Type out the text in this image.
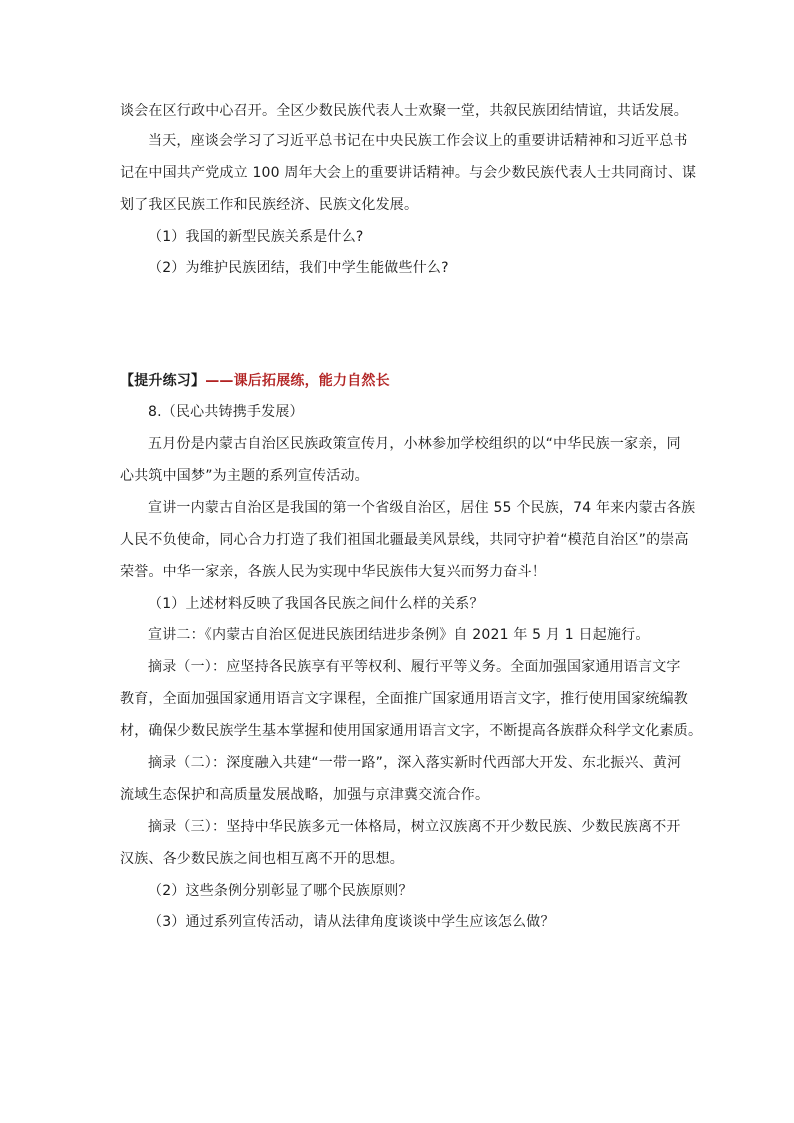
谈会在区行政中心召开。全区少数民族代表人士欢聚一堂，共叙民族团结情谊，共话发展。
当天，座谈会学习了习近平总书记在中央民族工作会议上的重要讲话精神和习近平总书
记在中国共产党成立 100 周年大会上的重要讲话精神。与会少数民族代表人士共同商讨、谋
划了我区民族工作和民族经济、民族文化发展。
（1）我国的新型民族关系是什么?
（2）为维护民族团结，我们中学生能做些什么?
【提升练习】——课后拓展练，能力自然长
8.（民心共铸携手发展）
五月份是内蒙古自治区民族政策宣传月，小林参加学校组织的以“中华民族一家亲，同
心共筑中国梦”为主题的系列宣传活动。
宣讲一内蒙古自治区是我国的第一个省级自治区，居住 55 个民族，74 年来内蒙古各族
人民不负使命，同心合力打造了我们祖国北疆最美风景线，共同守护着“模范自治区”的崇高
荣誉。中华一家亲，各族人民为实现中华民族伟大复兴而努力奋斗！
（1）上述材料反映了我国各民族之间什么样的关系？
宣讲二：《内蒙古自治区促进民族团结进步条例》自 2021 年 5 月 1 日起施行。
摘录（一）：应坚持各民族享有平等权利、履行平等义务。全面加强国家通用语言文字
教育，全面加强国家通用语言文字课程，全面推广国家通用语言文字，推行使用国家统编教
材，确保少数民族学生基本掌握和使用国家通用语言文字，不断提高各族群众科学文化素质。
摘录（二）：深度融入共建“一带一路”，深入落实新时代西部大开发、东北振兴、黄河
流域生态保护和高质量发展战略，加强与京津冀交流合作。
摘录（三）：坚持中华民族多元一体格局，树立汉族离不开少数民族、少数民族离不开
汉族、各少数民族之间也相互离不开的思想。
（2）这些条例分别彰显了哪个民族原则？
（3）通过系列宣传活动，请从法律角度谈谈中学生应该怎么做？
